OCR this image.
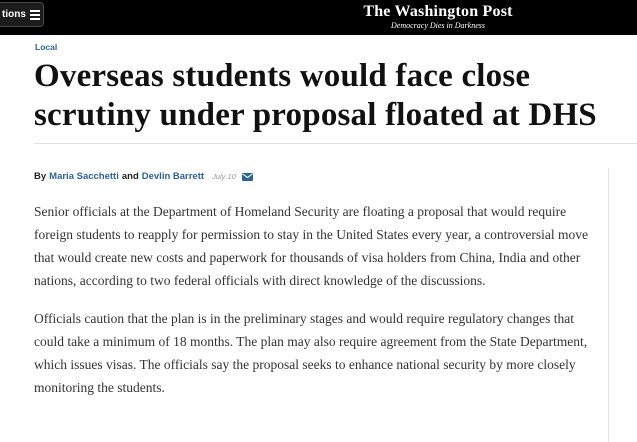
tions	The Washington Post
Democracy Dies in Darkness
Local
Overseas students would face close scrutiny under proposal floated at DHS
By Maria Sacchetti and Devlin Barrett July 10

Senior officials at the Department of Homeland Security are floating a proposal that would require foreign students to reapply for permission to stay in the United States every year, a controversial move that would create new costs and paperwork for thousands of visa holders from China, India and other nations, according to two federal officials with direct knowledge of the discussions.

Officials caution that the plan is in the preliminary stages and would require regulatory changes that could take a minimum of 18 months. The plan may also require agreement from the State Department, which issues visas. The officials say the proposal seeks to enhance national security by more closely monitoring the students.
